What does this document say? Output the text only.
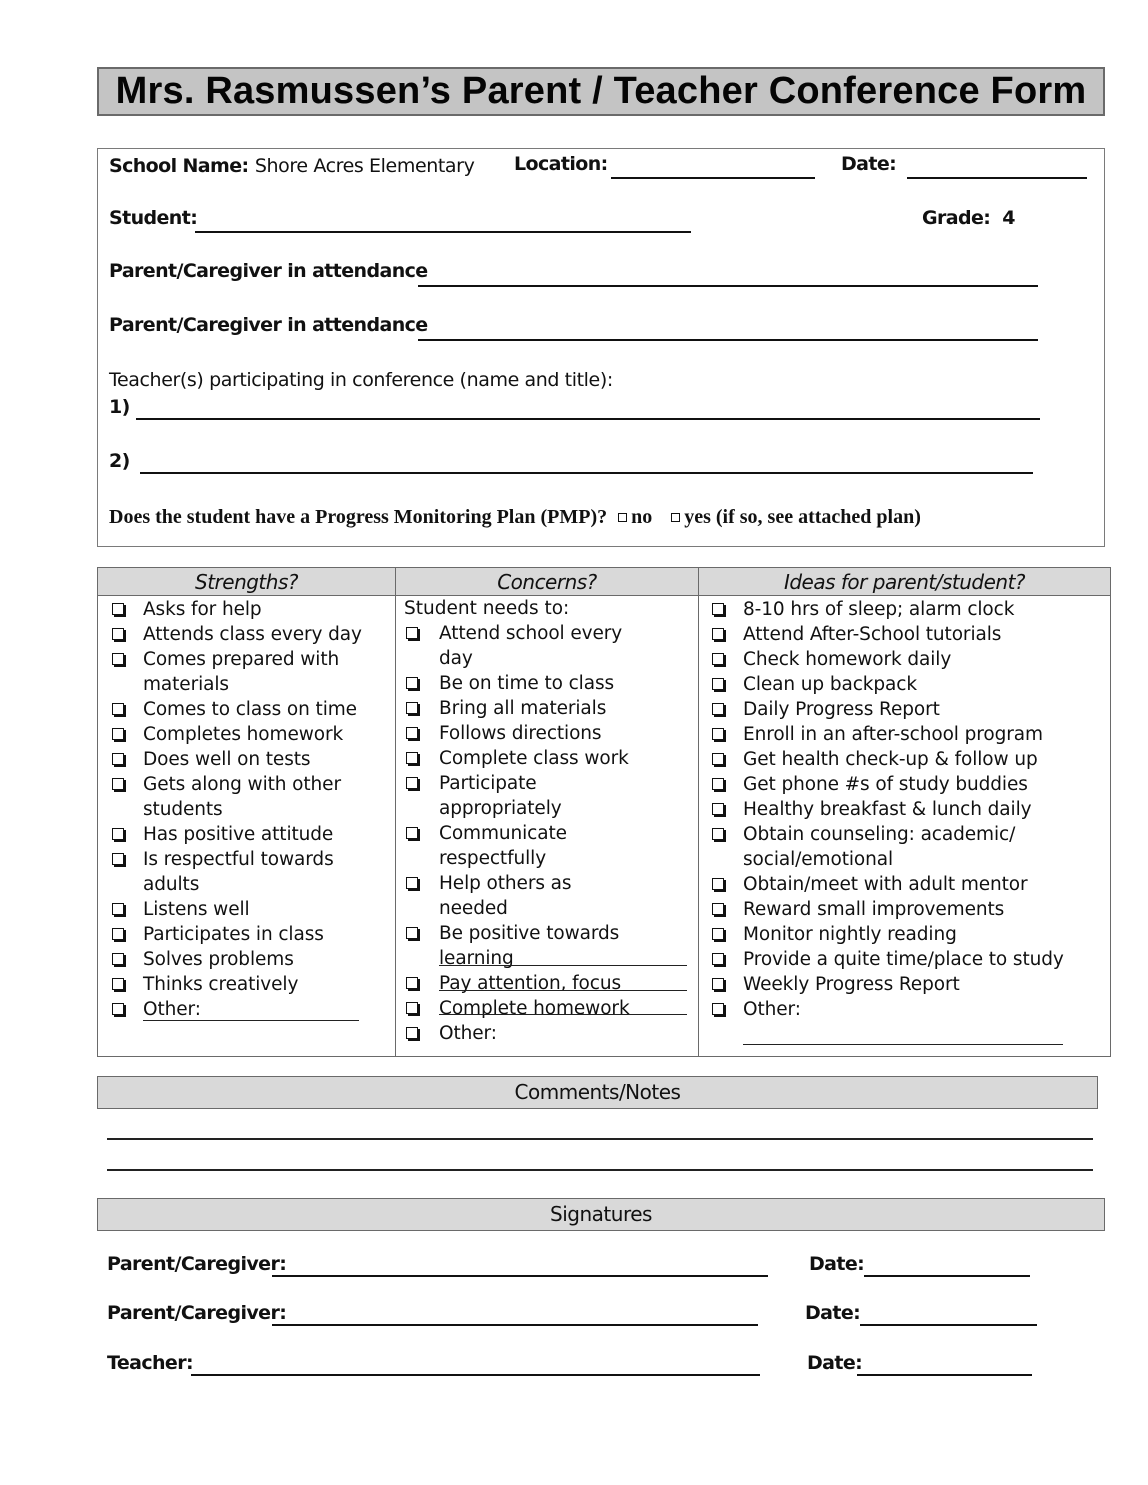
Mrs. Rasmussen’s Parent / Teacher Conference Form
School Name: Shore Acres Elementary Location:	Date:
Student:	Grade: 4
Parent/Caregiver in attendance
Parent/Caregiver in attendance
Teacher(s) participating in conference (name and title):
1)
2)
Does the student have a Progress Monitoring Plan (PMP)? no yes (if so, see attached plan)
Strengths?
Asks for help
Attends class every day
Comes prepared with materials
Comes to class on time
Completes homework
Does well on tests
Gets along with other students
Has positive attitude
Is respectful towards adults
Listens well
Participates in class
Solves problems
Thinks creatively
Other:
Concerns?
Student needs to:
Attend school every day
Be on time to class
Bring all materials
Follows directions
Complete class work
Participate appropriately
Communicate respectfully
Help others as needed
Be positive towards learning
Pay attention, focus
Complete homework
Other:
Ideas for parent/student?
8-10 hrs of sleep; alarm clock
Attend After-School tutorials
Check homework daily
Clean up backpack
Daily Progress Report
Enroll in an after-school program
Get health check-up & follow up
Get phone #s of study buddies
Healthy breakfast & lunch daily
Obtain counseling: academic/ social/emotional
Obtain/meet with adult mentor
Reward small improvements
Monitor nightly reading
Provide a quite time/place to study
Weekly Progress Report
Other:
Comments/Notes
Signatures
Parent/Caregiver:	Date:
Parent/Caregiver:	Date:
Teacher:	Date:
